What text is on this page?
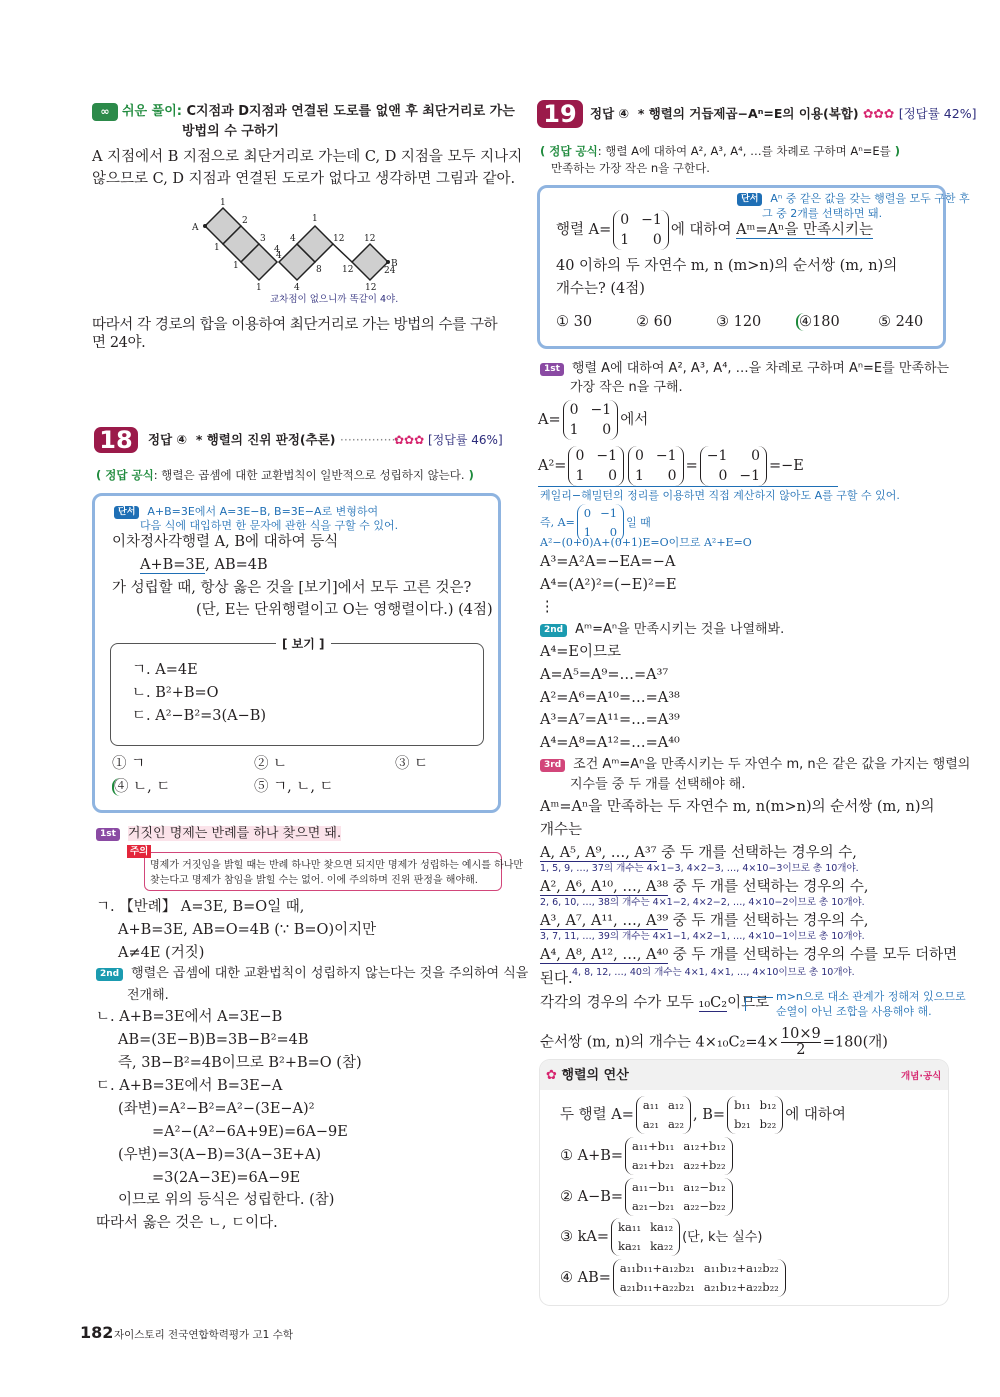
∞ 쉬운 풀이: C지점과 D지점과 연결된 도로를 없앤 후 최단거리로 가는
방법의 수 구하기
A 지점에서 B 지점으로 최단거리로 가는데 C, D 지점을 모두 지나지
않으므로 C, D 지점과 연결된 도로가 없다고 생각하면 그림과 같아.
A
B
1
2
3
4
4	12 12
1
1
1
4
8 12	24
12
4
1
교차점이 없으니까 똑같이 4야.
따라서 각 경로의 합을 이용하여 최단거리로 가는 방법의 수를 구하면 24야.
18	정답 ④ * 행렬의 진위 판정(추론) ···············
✿✿✿ [정답률 46%]
( 정답 공식: 행렬은 곱셈에 대한 교환법칙이 일반적으로 성립하지 않는다. )
단서 A+B=3E에서 A=3E−B, B=3E−A로 변형하여
다음 식에 대입하면 한 문자에 관한 식을 구할 수 있어.
이차정사각행렬 A, B에 대하여 등식
A+B=3E, AB=4B
가 성립할 때, 항상 옳은 것을 [보기]에서 모두 고른 것은?
(단, E는 단위행렬이고 O는 영행렬이다.) (4점)
[ 보기 ]
ㄱ. A=4E
ㄴ. B²+B=O
ㄷ. A²−B²=3(A−B)
① ㄱ	② ㄴ	③ ㄷ
④ ㄴ, ㄷ	⑤ ㄱ, ㄴ, ㄷ
1st 거짓인 명제는 반례를 하나 찾으면 돼.
주의
명제가 거짓임을 밝힐 때는 반례 하나만 찾으면 되지만 명제가 성립하는 예시를 하나만
찾는다고 명제가 참임을 밝힐 수는 없어. 이에 주의하며 진위 판정을 해야해.
ㄱ. 【반례】 A=3E, B=O일 때,
A+B=3E, AB=O=4B (∵ B=O)이지만
A≠4E (거짓)
2nd 행렬은 곱셈에 대한 교환법칙이 성립하지 않는다는 것을 주의하여 식을
전개해.
ㄴ. A+B=3E에서 A=3E−B
AB=(3E−B)B=3B−B²=4B
즉, 3B−B²=4B이므로 B²+B=O (참)
ㄷ. A+B=3E에서 B=3E−A
(좌변)=A²−B²=A²−(3E−A)²
=A²−(A²−6A+9E)=6A−9E
(우변)=3(A−B)=3(A−3E+A)
=3(2A−3E)=6A−9E
이므로 위의 등식은 성립한다. (참)
따라서 옳은 것은 ㄴ, ㄷ이다.
19	정답 ④ * 행렬의 거듭제곱−Aⁿ=E의 이용(복합) ✿✿✿ [정답률 42%]
( 정답 공식: 행렬 A에 대하여 A², A³, A⁴, …를 차례로 구하며 Aⁿ=E를 )
만족하는 가장 작은 n을 구한다.
단서 Aⁿ 중 같은 값을 갖는 행렬을 모두 구한 후
그 중 2개를 선택하면 돼.
행렬 A=
0 −1
1	0
에 대하여 Aᵐ=Aⁿ을 만족시키는
40 이하의 두 자연수 m, n (m>n)의 순서쌍 (m, n)의
개수는? (4점)
① 30	② 60	③ 120	④180	⑤ 240
1st 행렬 A에 대하여 A², A³, A⁴, …을 차례로 구하며 Aⁿ=E를 만족하는
가장 작은 n을 구해.
A=
0 −1
1	0
에서
A²=
0 −1
1	0
0 −1
1	0
=
−1	0
0 −1
=−E
케일리−해밀턴의 정리를 이용하면 직접 계산하지 않아도 A를 구할 수 있어.
즉, A=
0 −1
1	0
일 때
A²−(0+0)A+(0+1)E=O이므로 A²+E=O
A³=A²A=−EA=−A
A⁴=(A²)²=(−E)²=E
⋮
2nd Aᵐ=Aⁿ을 만족시키는 것을 나열해봐.
A⁴=E이므로
A=A⁵=A⁹=…=A³⁷
A²=A⁶=A¹⁰=…=A³⁸
A³=A⁷=A¹¹=…=A³⁹
A⁴=A⁸=A¹²=…=A⁴⁰
3rd 조건 Aᵐ=Aⁿ을 만족시키는 두 자연수 m, n은 같은 값을 가지는 행렬의
지수들 중 두 개를 선택해야 해.
Aᵐ=Aⁿ을 만족하는 두 자연수 m, n(m>n)의 순서쌍 (m, n)의
개수는
A, A⁵, A⁹, …, A³⁷ 중 두 개를 선택하는 경우의 수,
1, 5, 9, …, 37의 개수는 4×1−3, 4×2−3, …, 4×10−3이므로 총 10개야.
A², A⁶, A¹⁰, …, A³⁸ 중 두 개를 선택하는 경우의 수,
2, 6, 10, …, 38의 개수는 4×1−2, 4×2−2, …, 4×10−2이므로 총 10개야.
A³, A⁷, A¹¹, …, A³⁹ 중 두 개를 선택하는 경우의 수,
3, 7, 11, …, 39의 개수는 4×1−1, 4×2−1, …, 4×10−1이므로 총 10개야.
A⁴, A⁸, A¹², …, A⁴⁰ 중 두 개를 선택하는 경우의 수를 모두 더하면
된다. 4, 8, 12, …, 40의 개수는 4×1, 4×1, …, 4×10이므로 총 10개야.
각각의 경우의 수가 모두 ₁₀C₂이므로 m>n으로 대소 관계가 정해져 있으므로
순열이 아닌 조합을 사용해야 해.
순서쌍 (m, n)의 개수는 $4\times_{10}C_2=4\times \frac{10\times 9}{2} =180$(개)
✿ 행렬의 연산	개념·공식
두 행렬 A=
a₁₁ a₁₂
a₂₁ a₂₂
, B=
b₁₁ b₁₂
b₂₁ b₂₂
에 대하여
① A+B=
a₁₁+b₁₁ a₁₂+b₁₂
a₂₁+b₂₁ a₂₂+b₂₂
② A−B=
a₁₁−b₁₁ a₁₂−b₁₂
a₂₁−b₂₁ a₂₂−b₂₂
③ kA=
ka₁₁ ka₁₂
ka₂₁ ka₂₂
(단, k는 실수)
④ AB=
a₁₁b₁₁+a₁₂b₂₁ a₁₁b₁₂+a₁₂b₂₂
a₂₁b₁₁+a₂₂b₂₁ a₂₁b₁₂+a₂₂b₂₂
182 자이스토리 전국연합학력평가 고1 수학
